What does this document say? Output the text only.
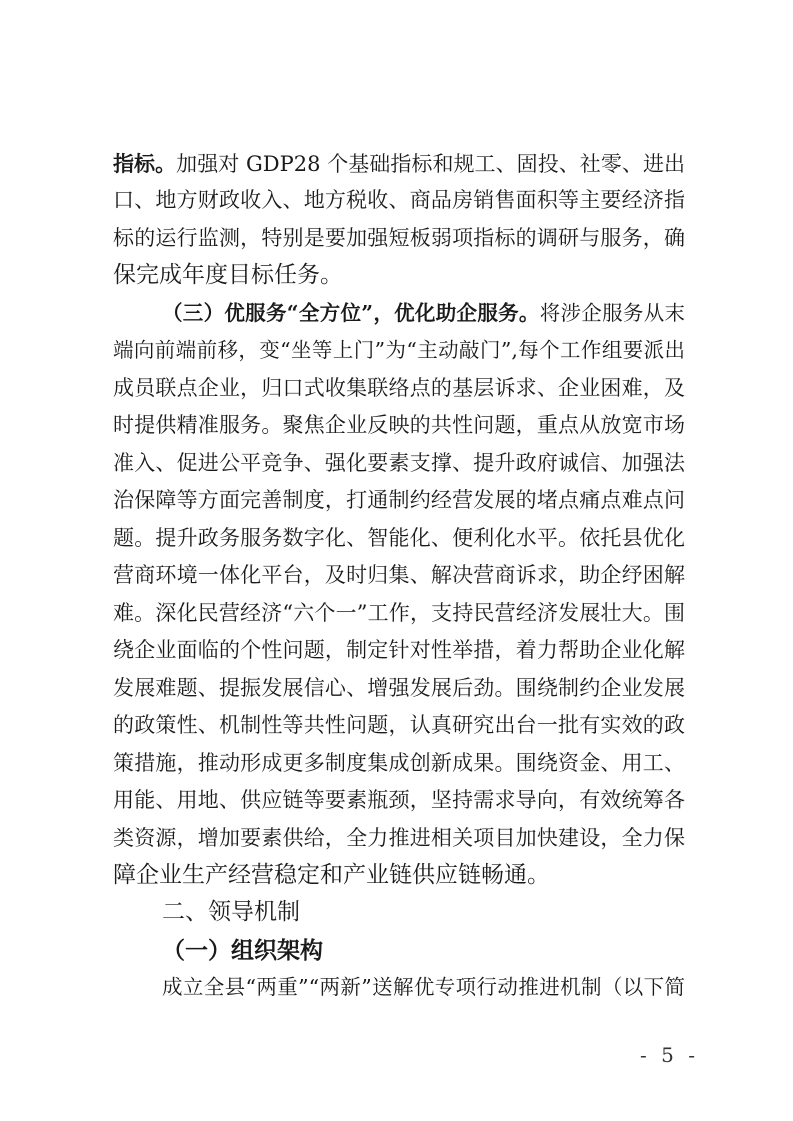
指标。加强对 GDP28 个基础指标和规工、固投、社零、进出
口、地方财政收入、地方税收、商品房销售面积等主要经济指
标的运行监测，特别是要加强短板弱项指标的调研与服务，确
保完成年度目标任务。
（三）优服务“全方位”，优化助企服务。将涉企服务从末
端向前端前移，变“坐等上门”为“主动敲门”,每个工作组要派出
成员联点企业，归口式收集联络点的基层诉求、企业困难，及
时提供精准服务。聚焦企业反映的共性问题，重点从放宽市场
准入、促进公平竞争、强化要素支撑、提升政府诚信、加强法
治保障等方面完善制度，打通制约经营发展的堵点痛点难点问
题。提升政务服务数字化、智能化、便利化水平。依托县优化
营商环境一体化平台，及时归集、解决营商诉求，助企纾困解
难。深化民营经济“六个一”工作，支持民营经济发展壮大。围
绕企业面临的个性问题，制定针对性举措，着力帮助企业化解
发展难题、提振发展信心、增强发展后劲。围绕制约企业发展
的政策性、机制性等共性问题，认真研究出台一批有实效的政
策措施，推动形成更多制度集成创新成果。围绕资金、用工、
用能、用地、供应链等要素瓶颈，坚持需求导向，有效统筹各
类资源，增加要素供给，全力推进相关项目加快建设，全力保
障企业生产经营稳定和产业链供应链畅通。
二、领导机制
（一）组织架构
成立全县“两重”“两新”送解优专项行动推进机制（以下简
- 5 -
